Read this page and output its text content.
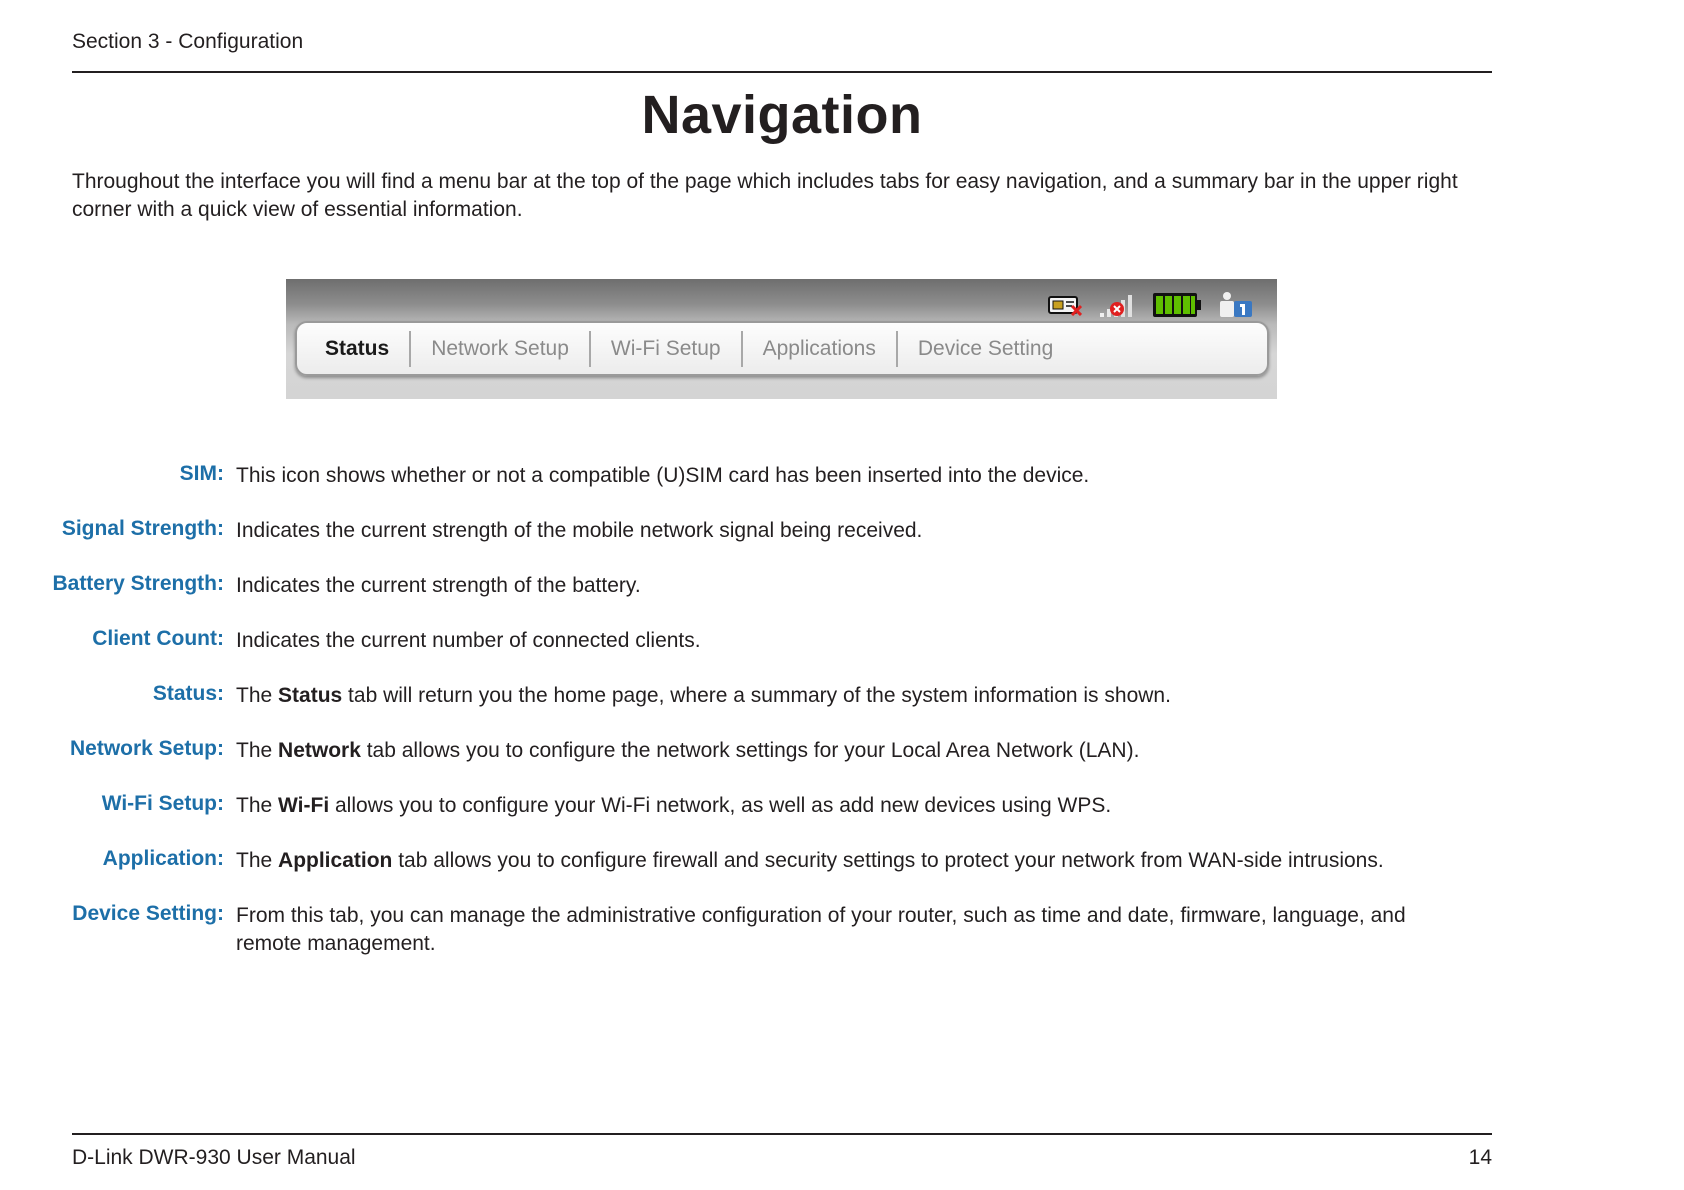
Section 3 - Configuration
Navigation
Throughout the interface you will find a menu bar at the top of the page which includes tabs for easy navigation, and a summary bar in the upper right corner with a quick view of essential information.
Status	Network Setup	Wi-Fi Setup	Applications	Device Setting
SIM: This icon shows whether or not a compatible (U)SIM card has been inserted into the device.
Signal Strength: Indicates the current strength of the mobile network signal being received.
Battery Strength: Indicates the current strength of the battery.
Client Count: Indicates the current number of connected clients.
Status: The Status tab will return you the home page, where a summary of the system information is shown.
Network Setup: The Network tab allows you to configure the network settings for your Local Area Network (LAN).
Wi-Fi Setup: The Wi-Fi allows you to configure your Wi-Fi network, as well as add new devices using WPS.
Application: The Application tab allows you to configure firewall and security settings to protect your network from WAN-side intrusions.
Device Setting: From this tab, you can manage the administrative configuration of your router, such as time and date, firmware, language, and remote management.
D-Link DWR-930 User Manual	14
